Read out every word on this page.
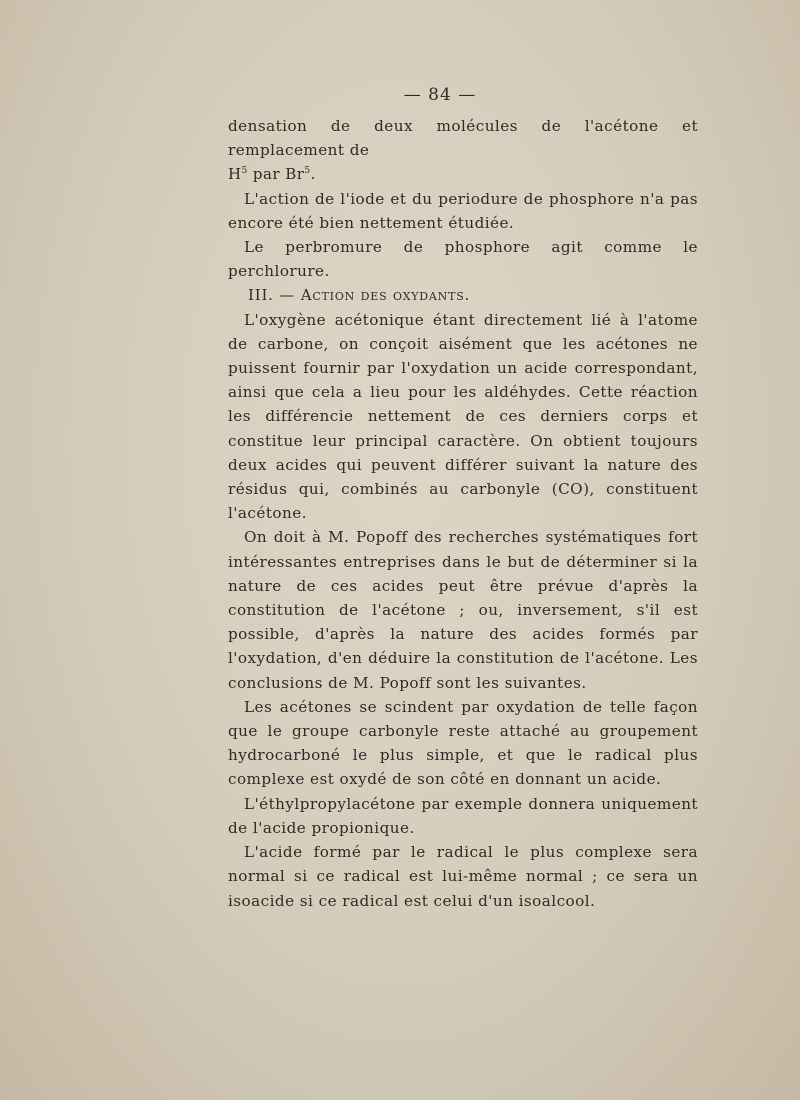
— 84 —

densation de deux molécules de l'acétone et remplacement de
$H^5$ par Br$^5$.

L'action de l'iode et du periodure de phosphore n'a pas encore été bien nettement étudiée.

Le perbromure de phosphore agit comme le perchlorure.

III. — Action des oxydants.

L'oxygène acétonique étant directement lié à l'atome de carbone, on conçoit aisément que les acétones ne puissent fournir par l'oxydation un acide correspondant, ainsi que cela a lieu pour les aldéhydes. Cette réaction les différencie nettement de ces derniers corps et constitue leur principal caractère. On obtient toujours deux acides qui peuvent différer suivant la nature des résidus qui, combinés au carbonyle (CO), constituent l'acétone.

On doit à M. Popoff des recherches systématiques fort intéressantes entreprises dans le but de déterminer si la nature de ces acides peut être prévue d'après la constitution de l'acétone ; ou, inversement, s'il est possible, d'après la nature des acides formés par l'oxydation, d'en déduire la constitution de l'acétone. Les conclusions de M. Popoff sont les suivantes.

Les acétones se scindent par oxydation de telle façon que le groupe carbonyle reste attaché au groupement hydrocarboné le plus simple, et que le radical plus complexe est oxydé de son côté en donnant un acide.

L'éthylpropylacétone par exemple donnera uniquement de l'acide propionique.

L'acide formé par le radical le plus complexe sera normal si ce radical est lui-même normal ; ce sera un isoacide si ce radical est celui d'un isoalcool.
